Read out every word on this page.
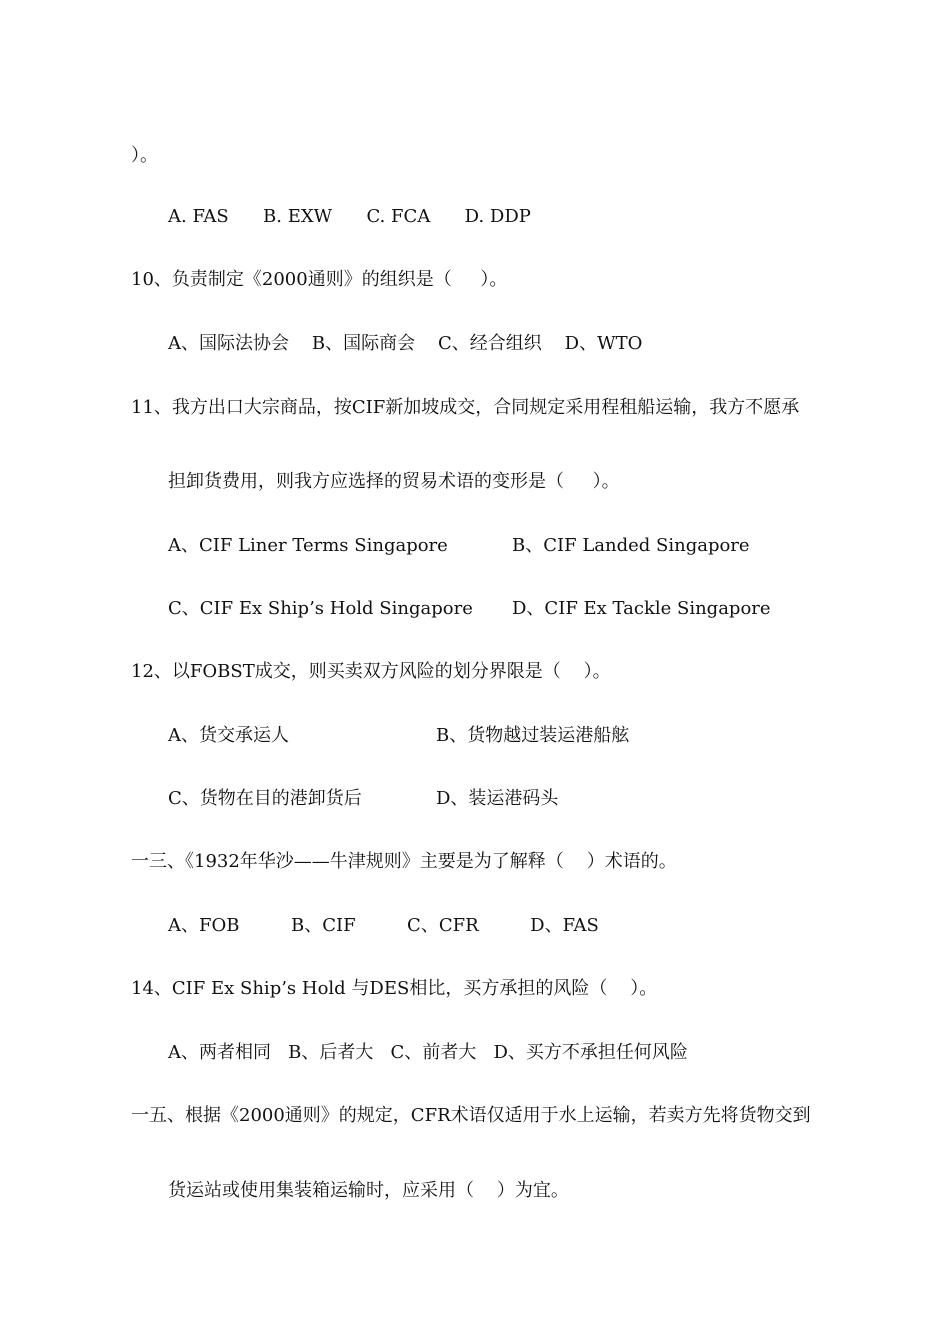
）。
A. FAS      B. EXW      C. FCA      D. DDP
10、负责制定《2000通则》的组织是（     ）。
A、国际法协会    B、国际商会    C、经合组织    D、WTO
11、我方出口大宗商品，按CIF新加坡成交，合同规定采用程租船运输，我方不愿承
担卸货费用，则我方应选择的贸易术语的变形是（     ）。
A、CIF Liner Terms Singapore	B、CIF Landed Singapore
C、CIF Ex Ship’s Hold Singapore D、CIF Ex Tackle Singapore
12、以FOBST成交，则买卖双方风险的划分界限是（    ）。
A、货交承运人	B、货物越过装运港船舷
C、货物在目的港卸货后	D、装运港码头
一三、《1932年华沙——牛津规则》主要是为了解释（    ）术语的。
A、FOB         B、CIF         C、CFR         D、FAS
14、CIF Ex Ship’s Hold 与DES相比，买方承担的风险（    ）。
A、两者相同   B、后者大   C、前者大   D、买方不承担任何风险
一五、根据《2000通则》的规定，CFR术语仅适用于水上运输，若卖方先将货物交到
货运站或使用集装箱运输时，应采用（    ）为宜。
